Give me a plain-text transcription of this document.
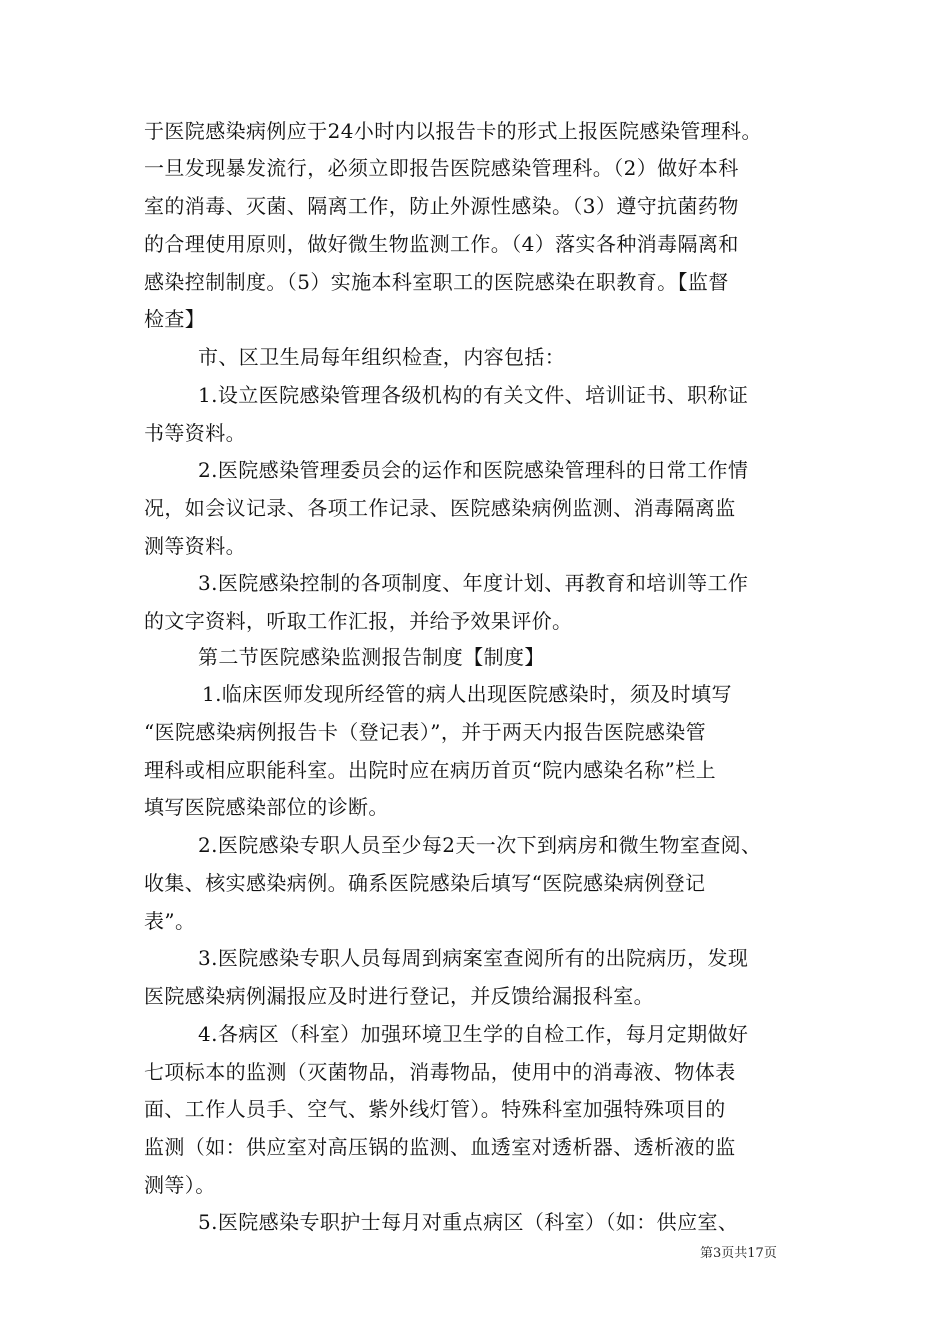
于医院感染病例应于24小时内以报告卡的形式上报医院感染管理科。
一旦发现暴发流行，必须立即报告医院感染管理科。（2）做好本科
室的消毒、灭菌、隔离工作，防止外源性感染。（3）遵守抗菌药物
的合理使用原则，做好微生物监测工作。（4）落实各种消毒隔离和
感染控制制度。（5）实施本科室职工的医院感染在职教育。【监督
检查】
市、区卫生局每年组织检查，内容包括：
1.设立医院感染管理各级机构的有关文件、培训证书、职称证
书等资料。
2.医院感染管理委员会的运作和医院感染管理科的日常工作情
况，如会议记录、各项工作记录、医院感染病例监测、消毒隔离监
测等资料。
3.医院感染控制的各项制度、年度计划、再教育和培训等工作
的文字资料，听取工作汇报，并给予效果评价。
第二节医院感染监测报告制度【制度】
1.临床医师发现所经管的病人出现医院感染时，须及时填写
“医院感染病例报告卡（登记表）”，并于两天内报告医院感染管
理科或相应职能科室。出院时应在病历首页“院内感染名称”栏上
填写医院感染部位的诊断。
2.医院感染专职人员至少每2天一次下到病房和微生物室查阅、
收集、核实感染病例。确系医院感染后填写“医院感染病例登记
表”。
3.医院感染专职人员每周到病案室查阅所有的出院病历，发现
医院感染病例漏报应及时进行登记，并反馈给漏报科室。
4.各病区（科室）加强环境卫生学的自检工作，每月定期做好
七项标本的监测（灭菌物品，消毒物品，使用中的消毒液、物体表
面、工作人员手、空气、紫外线灯管）。特殊科室加强特殊项目的
监测（如：供应室对高压锅的监测、血透室对透析器、透析液的监
测等）。
5.医院感染专职护士每月对重点病区（科室）（如：供应室、
第3页共17页
